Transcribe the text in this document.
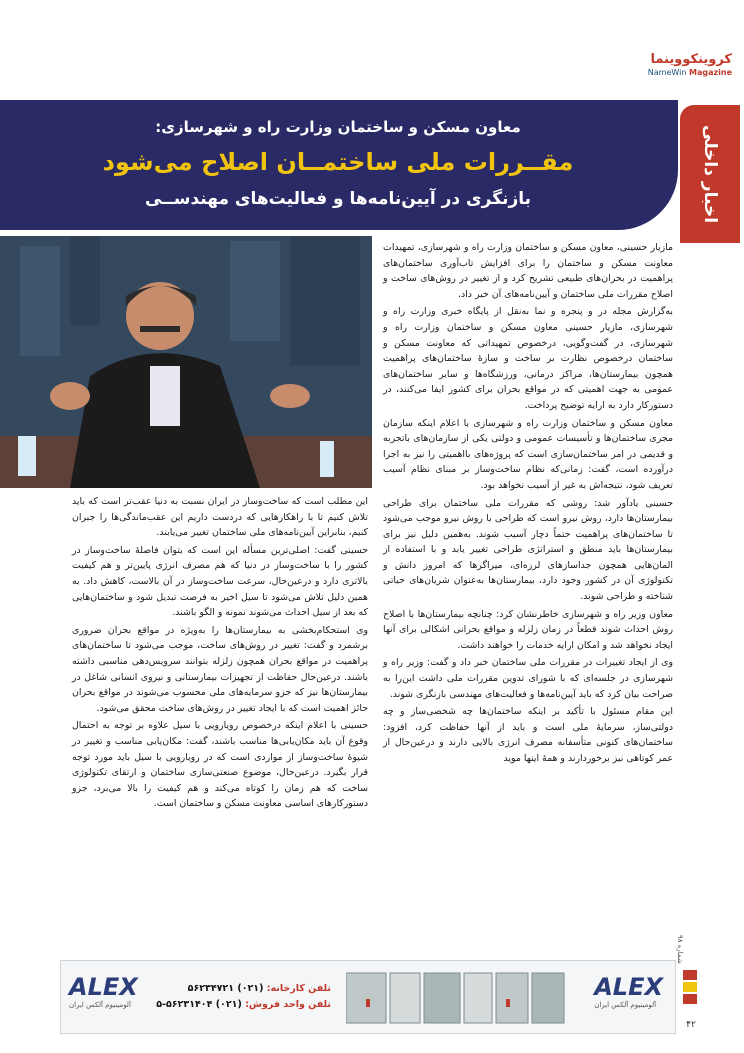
کروینکووینما
NameWin Magazine
اخبار داخلی
معاون مسکن و ساختمان وزارت راه و شهرسازی:
مقــررات ملی ساختمــان اصلاح می‌شود
بازنگری در آیین‌نامه‌ها و فعالیت‌های مهندســی

مازیار حسینی، معاون مسکن و ساختمان وزارت راه و شهرسازی، تمهیدات معاونت مسکن و ساختمان را برای افزایش تاب‌آوری ساختمان‌های پراهمیت در بحران‌های طبیعی تشریح کرد و از تغییر در روش‌های ساخت و اصلاح مقررات ملی ساختمان و آیین‌نامه‌های آن خبر داد.

به‌گزارش مجله در و پنجره و نما به‌نقل از پایگاه خبری وزارت راه و شهرسازی، مازیار حسینی معاون مسکن و ساختمان وزارت راه و شهرسازی، در گفت‌وگویی، درخصوص تمهیداتی که معاونت مسکن و ساختمان درخصوص نظارت بر ساخت و سازهٔ ساختمان‌های پراهمیت همچون بیمارستان‌ها، مراکز درمانی، ورزشگاه‌ها و سایر ساختمان‌های عمومی به جهت اهمیتی که در مواقع بحران برای کشور ایفا می‌کنند، در دستورکار دارد به ارایه توضیح پرداخت.

معاون مسکن و ساختمان وزارت راه و شهرسازی با اعلام اینکه سازمان مجری ساختمان‌ها و تأسیسات عمومی و دولتی یکی از سازمان‌های باتجربه و قدیمی در امر ساختمان‌سازی است که پروژه‌های بااهمیتی را نیز به اجرا درآورده است، گفت: زمانی‌که نظام ساخت‌وساز بر مبنای نظام آسیب تعریف شود، نتیجه‌اش به غیر از آسیب نخواهد بود.

حسینی یادآور شد: روشی که مقررات ملی ساختمان برای طراحی بیمارستان‌ها دارد، روش نیرو است که طراحی با روش نیرو موجب می‌شود تا ساختمان‌های پراهمیت حتماً دچار آسیب شوند. به‌همین دلیل نیز برای بیمارستان‌ها باید منطق و استراتژی طراحی تغییر یابد و با استفاده از المان‌هایی همچون جداسازهای لرزه‌ای، میراگرها که امروز دانش و تکنولوژی آن در کشور وجود دارد، بیمارستان‌ها به‌عنوان شریان‌های حیاتی شناخته و طراحی شوند.

معاون وزیر راه و شهرسازی خاطرنشان کرد: چنانچه بیمارستان‌ها با اصلاح روش احداث شوند قطعاً در زمان زلزله و مواقع بحرانی اشکالی برای آنها ایجاد نخواهد شد و امکان ارایه خدمات را خواهند داشت.

وی از ایجاد تغییرات در مقررات ملی ساختمان خبر داد و گفت: وزیر راه و شهرسازی در جلسه‌ای که با شورای تدوین مقررات ملی داشت این‌را به صراحت بیان کرد که باید آیین‌نامه‌ها و فعالیت‌های مهندسی بازنگری شوند.

این مقام مسئول با تأکید بر اینکه ساختمان‌ها چه شخصی‌ساز و چه دولتی‌ساز، سرمایهٔ ملی است و باید از آنها حفاظت کرد، افزود: ساختمان‌های کنونی متأسفانه مصرف انرژی بالایی دارند و درعین‌حال از عمر کوتاهی نیز برخوردارند و همهٔ اینها موید

این مطلب است که ساخت‌وساز در ایران نسبت به دنیا عقب‌تر است که باید تلاش کنیم تا با راهکارهایی که دردست داریم این عقب‌ماندگی‌ها را جبران کنیم، بنابراین آیین‌نامه‌های ملی ساختمان تغییر می‌یابند.

حسینی گفت: اصلی‌ترین مسأله این است که بتوان فاصلهٔ ساخت‌وساز در کشور را با ساخت‌وساز در دنیا که هم مصرف انرژی پایین‌تر و هم کیفیت بالاتری دارد و درعین‌حال، سرعت ساخت‌وساز در آن بالاست، کاهش داد. به همین دلیل تلاش می‌شود تا سیل اخیر به فرصت تبدیل شود و ساختمان‌هایی که بعد از سیل احداث می‌شوند نمونه و الگو باشند.

وی استحکام‌بخشی به بیمارستان‌ها را به‌ویژه در مواقع بحران ضروری برشمرد و گفت: تغییر در روش‌های ساخت، موجب می‌شود تا ساختمان‌های پراهمیت در مواقع بحران همچون زلزله بتوانند سرویس‌دهی مناسبی داشته باشند. درعین‌حال حفاظت از تجهیزات بیمارستانی و نیروی انسانی شاغل در بیمارستان‌ها نیز که جزو سرمایه‌های ملی محسوب می‌شوند در مواقع بحران حائز اهمیت است که با ایجاد تغییر در روش‌های ساخت محقق می‌شود.

حسینی با اعلام اینکه درخصوص رویارویی با سیل علاوه بر توجه به احتمال وقوع آن باید مکان‌یابی‌ها مناسب باشند، گفت: مکان‌یابی مناسب و تغییر در شیوهٔ ساخت‌وساز از مواردی است که در رویارویی با سیل باید مورد توجه قرار بگیرد. درعین‌حال، موضوع صنعتی‌سازی ساختمان و ارتقای تکنولوژی ساخت که هم زمان را کوتاه می‌کند و هم کیفیت را بالا می‌برد، جزو دستورکارهای اساسی معاونت مسکن و ساختمان است.

شماره ۹۸
۴۲
ALEX
آلومینیوم آلکس ایران
تلفن کارخانه: (۰۲۱) ۵۶۲۳۴۷۲۱
تلفن واحد فروش: (۰۲۱) ۵۶۲۳۱۴۰۴-۵
ALEX
آلومینیوم آلکس ایران
